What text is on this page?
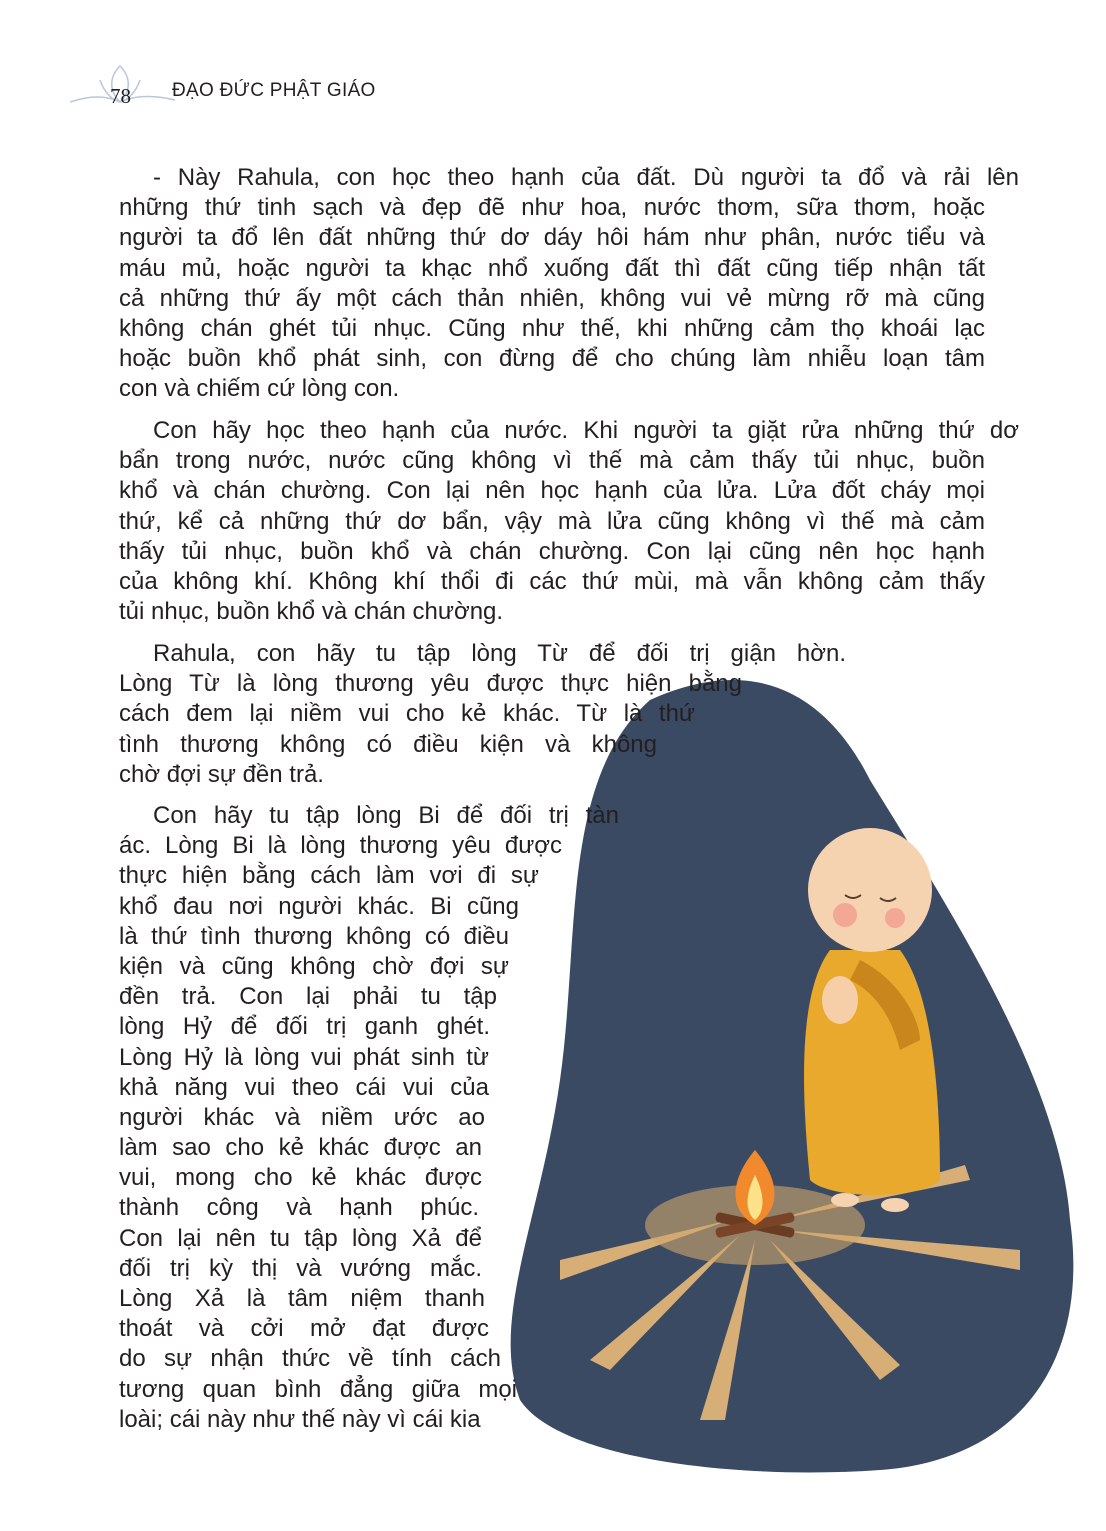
78 ĐẠO ĐỨC PHẬT GIÁO
- Này Rahula, con học theo hạnh của đất. Dù người ta đổ và rải lên
những thứ tinh sạch và đẹp đẽ như hoa, nước thơm, sữa thơm, hoặc
người ta đổ lên đất những thứ dơ dáy hôi hám như phân, nước tiểu và
máu mủ, hoặc người ta khạc nhổ xuống đất thì đất cũng tiếp nhận tất
cả những thứ ấy một cách thản nhiên, không vui vẻ mừng rỡ mà cũng
không chán ghét tủi nhục. Cũng như thế, khi những cảm thọ khoái lạc
hoặc buồn khổ phát sinh, con đừng để cho chúng làm nhiễu loạn tâm
con và chiếm cứ lòng con.
Con hãy học theo hạnh của nước. Khi người ta giặt rửa những thứ dơ
bẩn trong nước, nước cũng không vì thế mà cảm thấy tủi nhục, buồn
khổ và chán chường. Con lại nên học hạnh của lửa. Lửa đốt cháy mọi
thứ, kể cả những thứ dơ bẩn, vậy mà lửa cũng không vì thế mà cảm
thấy tủi nhục, buồn khổ và chán chường. Con lại cũng nên học hạnh
của không khí. Không khí thổi đi các thứ mùi, mà vẫn không cảm thấy
tủi nhục, buồn khổ và chán chường.
Rahula, con hãy tu tập lòng Từ để đối trị giận hờn.
Lòng Từ là lòng thương yêu được thực hiện bằng
cách đem lại niềm vui cho kẻ khác. Từ là thứ
tình thương không có điều kiện và không
chờ đợi sự đền trả.
Con hãy tu tập lòng Bi để đối trị tàn
ác. Lòng Bi là lòng thương yêu được
thực hiện bằng cách làm vơi đi sự
khổ đau nơi người khác. Bi cũng
là thứ tình thương không có điều
kiện và cũng không chờ đợi sự
đền trả. Con lại phải tu tập
lòng Hỷ để đối trị ganh ghét.
Lòng Hỷ là lòng vui phát sinh từ
khả năng vui theo cái vui của
người khác và niềm ước ao
làm sao cho kẻ khác được an
vui, mong cho kẻ khác được
thành công và hạnh phúc.
Con lại nên tu tập lòng Xả để
đối trị kỳ thị và vướng mắc.
Lòng Xả là tâm niệm thanh
thoát và cởi mở đạt được
do sự nhận thức về tính cách
tương quan bình đẳng giữa mọi
loài; cái này như thế này vì cái kia
